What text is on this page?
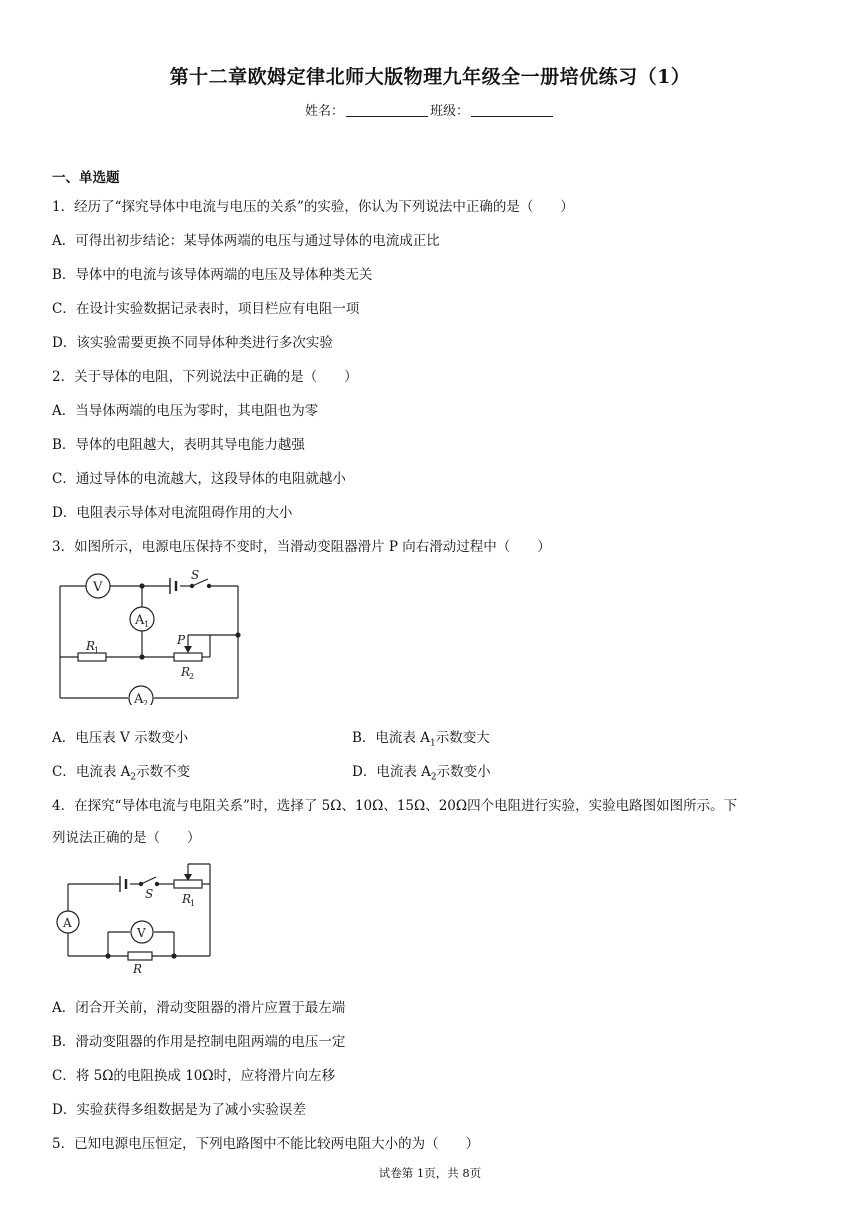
第十二章欧姆定律北师大版物理九年级全一册培优练习（1）
姓名：	班级：
一、单选题
1．经历了“探究导体中电流与电压的关系”的实验，你认为下列说法中正确的是（　　）
A．可得出初步结论：某导体两端的电压与通过导体的电流成正比
B．导体中的电流与该导体两端的电压及导体种类无关
C．在设计实验数据记录表时，项目栏应有电阻一项
D．该实验需要更换不同导体种类进行多次实验
2．关于导体的电阻，下列说法中正确的是（　　）
A．当导体两端的电压为零时，其电阻也为零
B．导体的电阻越大，表明其导电能力越强
C．通过导体的电流越大，这段导体的电阻就越小
D．电阻表示导体对电流阻碍作用的大小
3．如图所示，电源电压保持不变时，当滑动变阻器滑片 P 向右滑动过程中（　　）
V
A 1
A 2
S
P
R
1
R
2
A．电压表 V 示数变小	B．电流表 $A_1$示数变大
C．电流表 $A_2$示数不变	D．电流表 $A_2$示数变小
4．在探究“导体电流与电阻关系”时，选择了 5Ω、10Ω、15Ω、20Ω四个电阻进行实验，实验电路图如图所示。下
列说法正确的是（　　）
A
V
S
R
R
1
A．闭合开关前，滑动变阻器的滑片应置于最左端
B．滑动变阻器的作用是控制电阻两端的电压一定
C．将 5Ω的电阻换成 10Ω时，应将滑片向左移
D．实验获得多组数据是为了减小实验误差
5．已知电源电压恒定，下列电路图中不能比较两电阻大小的为（　　）
试卷第 1页，共 8页
